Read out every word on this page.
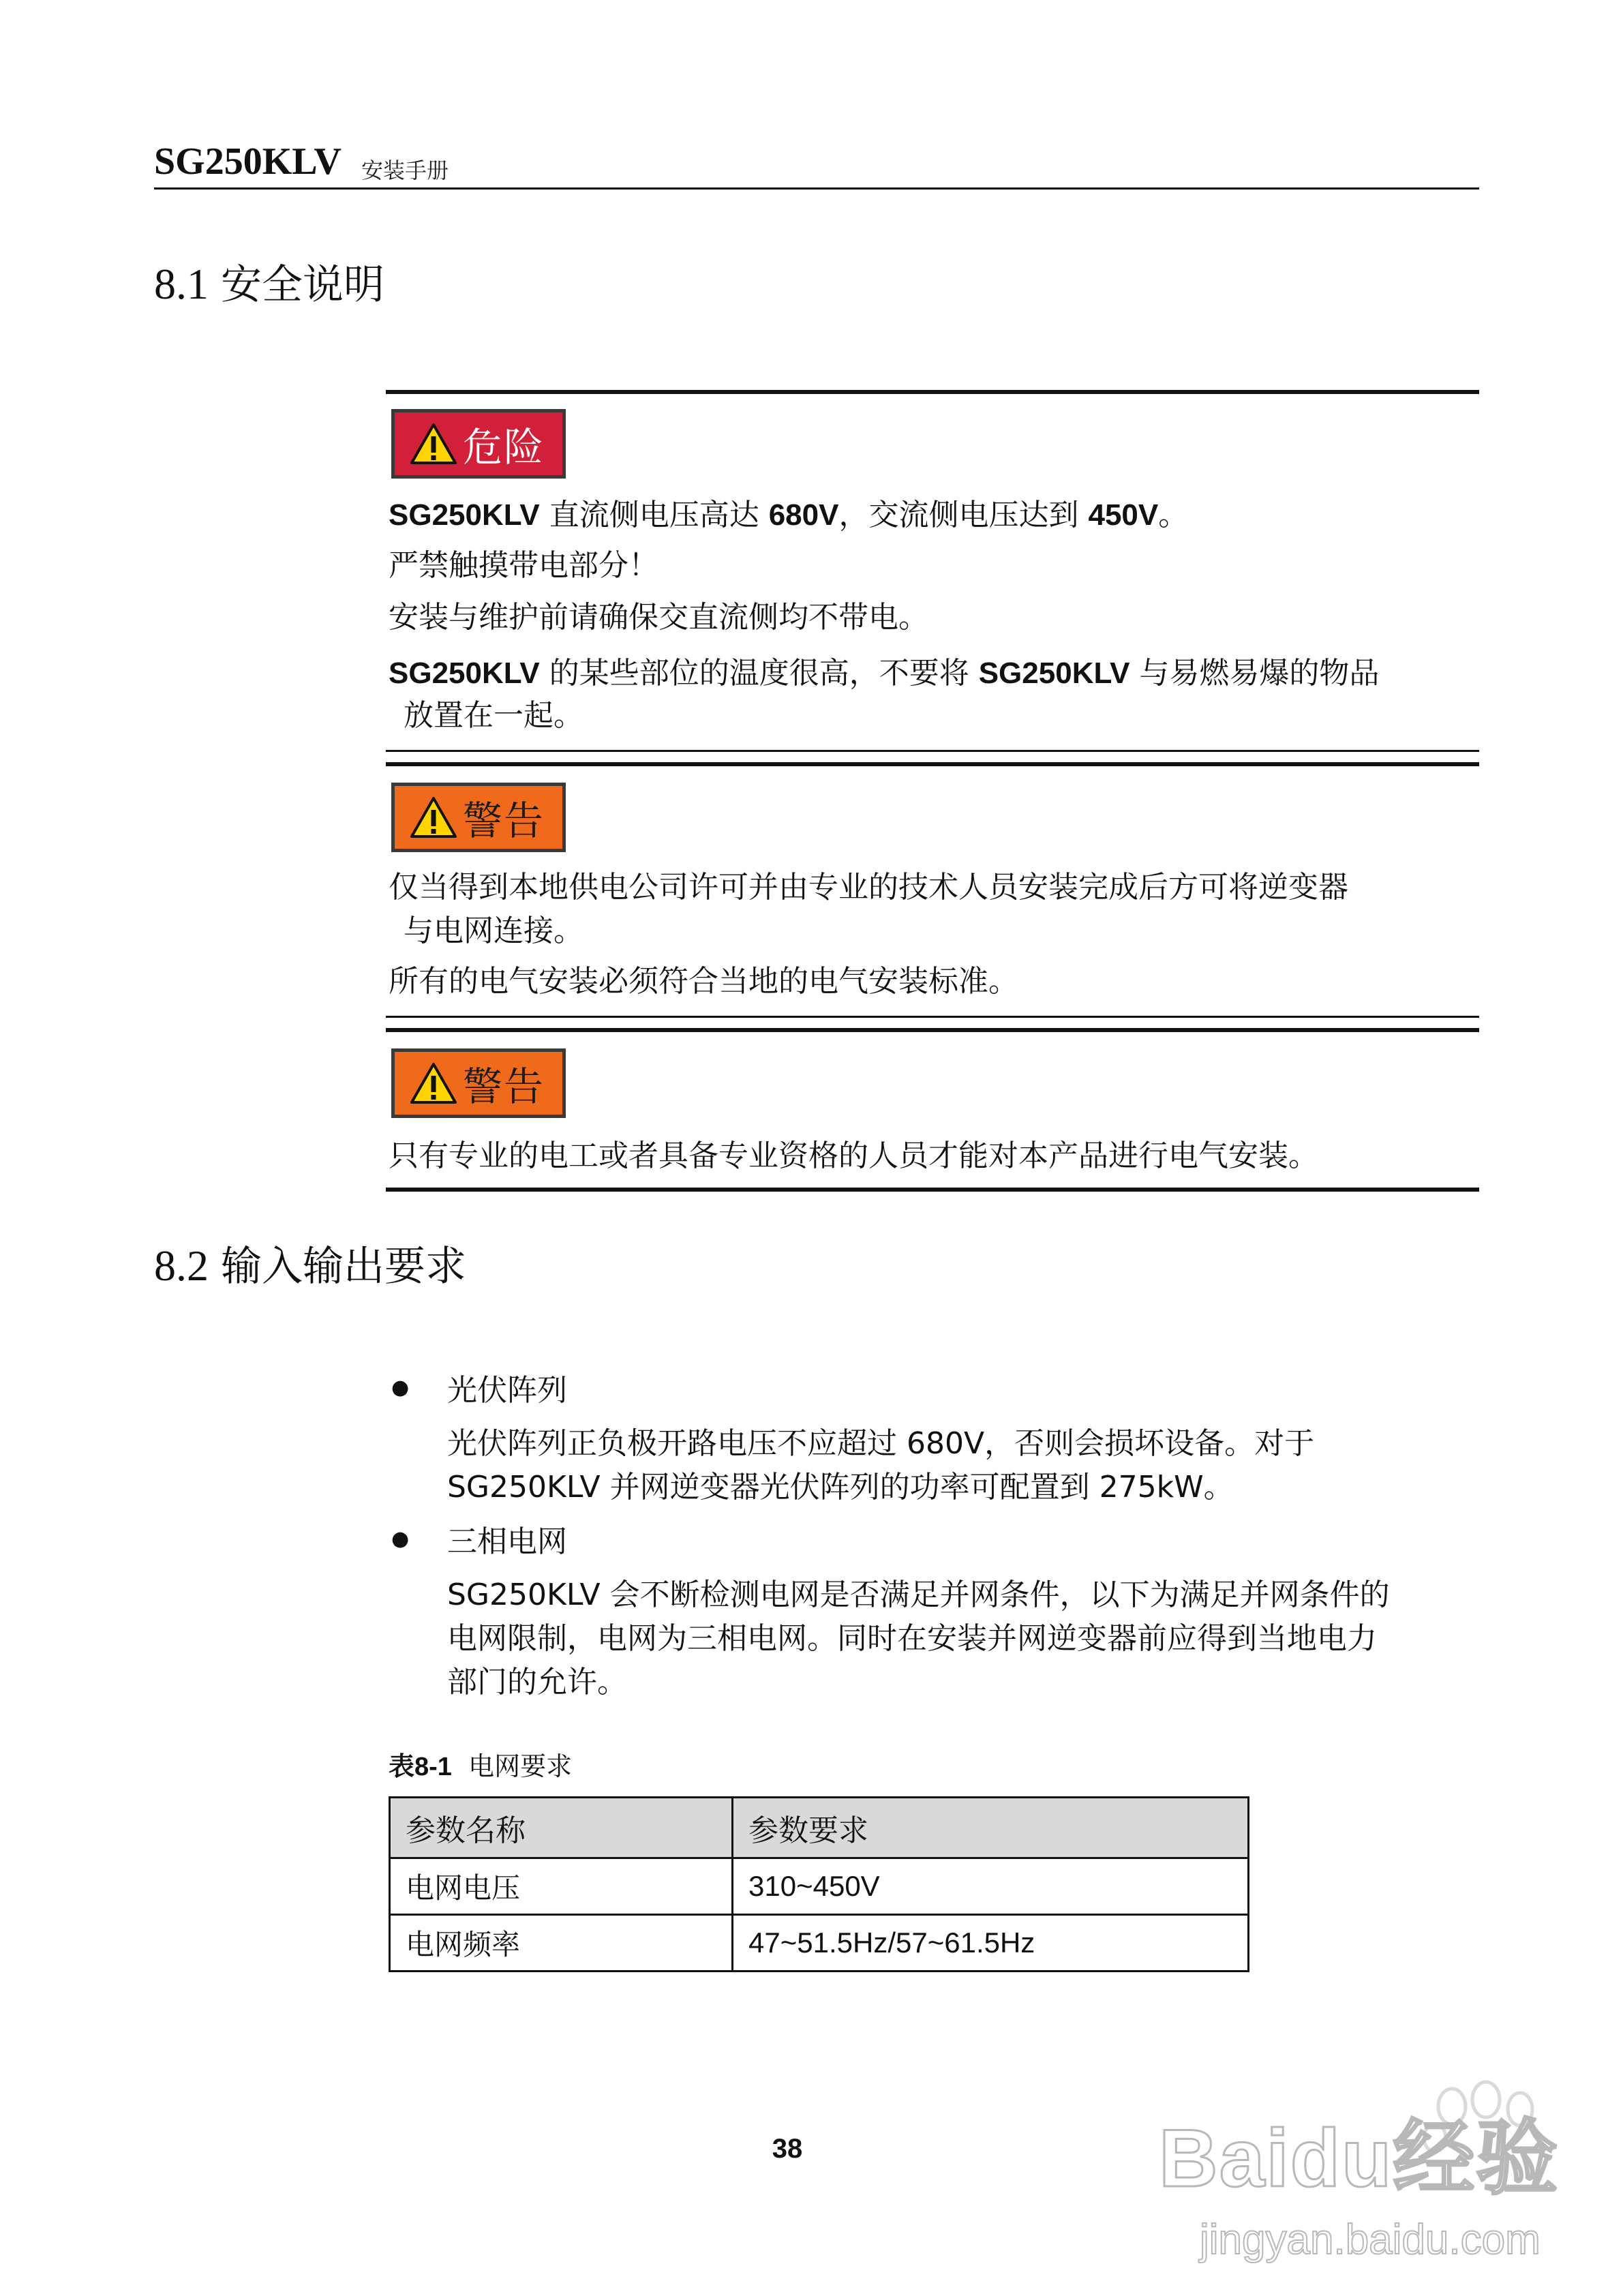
SG250KLV 安装手册
8.1 安全说明
危险
SG250KLV 直流侧电压高达 680V，交流侧电压达到 450V。
严禁触摸带电部分！
安装与维护前请确保交直流侧均不带电。
SG250KLV 的某些部位的温度很高，不要将 SG250KLV 与易燃易爆的物品
放置在一起。
警告
仅当得到本地供电公司许可并由专业的技术人员安装完成后方可将逆变器
与电网连接。
所有的电气安装必须符合当地的电气安装标准。
警告
只有专业的电工或者具备专业资格的人员才能对本产品进行电气安装。
8.2 输入输出要求
● 光伏阵列
光伏阵列正负极开路电压不应超过 680V，否则会损坏设备。对于
SG250KLV 并网逆变器光伏阵列的功率可配置到 275kW。
● 三相电网
SG250KLV 会不断检测电网是否满足并网条件，以下为满足并网条件的
电网限制，电网为三相电网。同时在安装并网逆变器前应得到当地电力
部门的允许。
表8-1 电网要求
参数名称	参数要求
电网电压	310~450V
电网频率	47~51.5Hz/57~61.5Hz
38	Baidu经验
jingyan.baidu.com
